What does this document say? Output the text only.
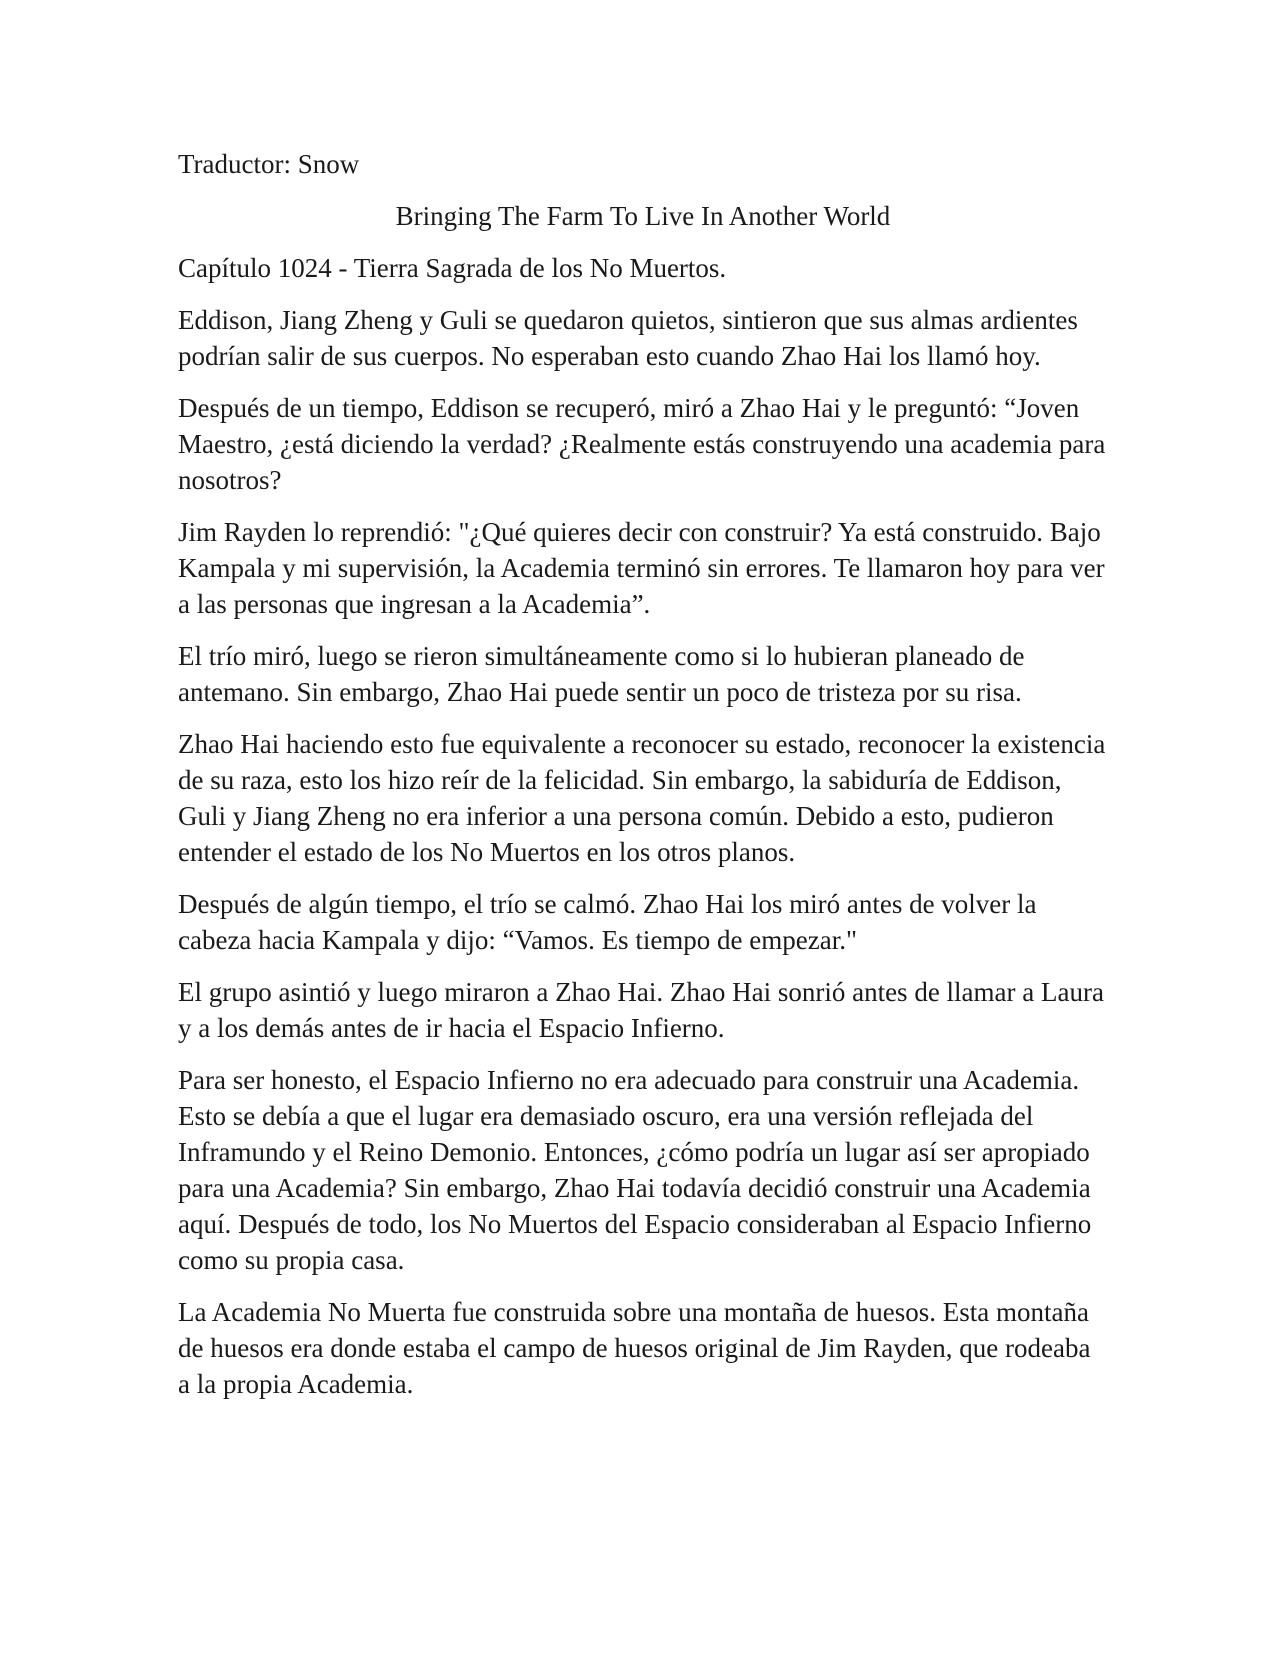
Traductor: Snow

Bringing The Farm To Live In Another World

Capítulo 1024 - Tierra Sagrada de los No Muertos.

Eddison, Jiang Zheng y Guli se quedaron quietos, sintieron que sus almas ardientes podrían salir de sus cuerpos. No esperaban esto cuando Zhao Hai los llamó hoy.

Después de un tiempo, Eddison se recuperó, miró a Zhao Hai y le preguntó: “Joven Maestro, ¿está diciendo la verdad? ¿Realmente estás construyendo una academia para nosotros?

Jim Rayden lo reprendió: "¿Qué quieres decir con construir? Ya está construido. Bajo Kampala y mi supervisión, la Academia terminó sin errores. Te llamaron hoy para ver a las personas que ingresan a la Academia”.

El trío miró, luego se rieron simultáneamente como si lo hubieran planeado de antemano. Sin embargo, Zhao Hai puede sentir un poco de tristeza por su risa.

Zhao Hai haciendo esto fue equivalente a reconocer su estado, reconocer la existencia de su raza, esto los hizo reír de la felicidad. Sin embargo, la sabiduría de Eddison, Guli y Jiang Zheng no era inferior a una persona común. Debido a esto, pudieron entender el estado de los No Muertos en los otros planos.

Después de algún tiempo, el trío se calmó. Zhao Hai los miró antes de volver la cabeza hacia Kampala y dijo: “Vamos. Es tiempo de empezar."

El grupo asintió y luego miraron a Zhao Hai. Zhao Hai sonrió antes de llamar a Laura y a los demás antes de ir hacia el Espacio Infierno.

Para ser honesto, el Espacio Infierno no era adecuado para construir una Academia. Esto se debía a que el lugar era demasiado oscuro, era una versión reflejada del Inframundo y el Reino Demonio. Entonces, ¿cómo podría un lugar así ser apropiado para una Academia? Sin embargo, Zhao Hai todavía decidió construir una Academia aquí. Después de todo, los No Muertos del Espacio consideraban al Espacio Infierno como su propia casa.

La Academia No Muerta fue construida sobre una montaña de huesos. Esta montaña de huesos era donde estaba el campo de huesos original de Jim Rayden, que rodeaba a la propia Academia.
